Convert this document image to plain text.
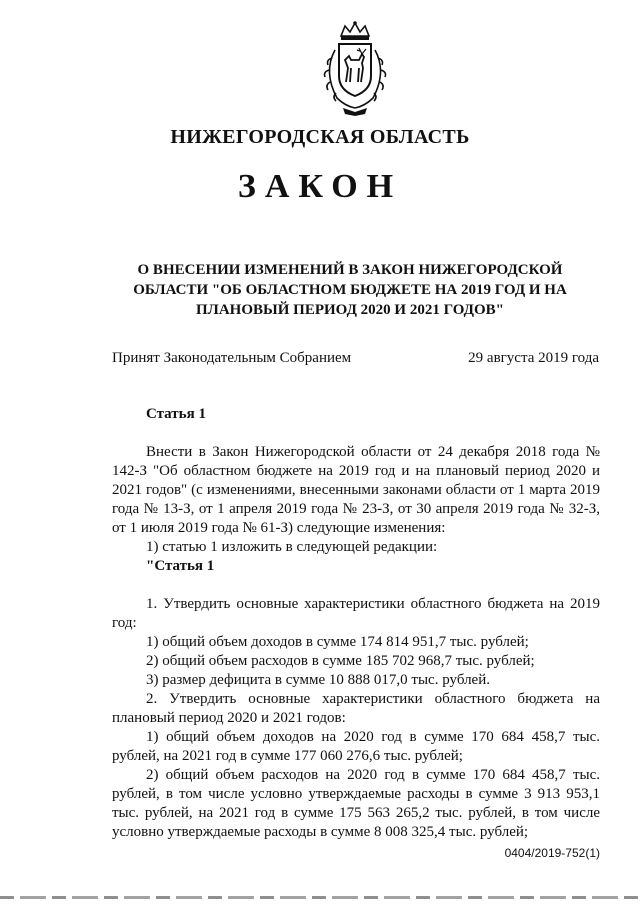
НИЖЕГОРОДСКАЯ ОБЛАСТЬ
ЗАКОН
О ВНЕСЕНИИ ИЗМЕНЕНИЙ В ЗАКОН НИЖЕГОРОДСКОЙ ОБЛАСТИ "ОБ ОБЛАСТНОМ БЮДЖЕТЕ НА 2019 ГОД И НА ПЛАНОВЫЙ ПЕРИОД 2020 И 2021 ГОДОВ"
Принят Законодательным Собранием	29 августа 2019 года

Статья 1

Внести в Закон Нижегородской области от 24 декабря 2018 года № 142-З "Об областном бюджете на 2019 год и на плановый период 2020 и 2021 годов" (с изменениями, внесенными законами области от 1 марта 2019 года № 13-З, от 1 апреля 2019 года № 23-З, от 30 апреля 2019 года № 32-З, от 1 июля 2019 года № 61-З) следующие изменения:

1) статью 1 изложить в следующей редакции:

"Статья 1

1. Утвердить основные характеристики областного бюджета на 2019 год:

1) общий объем доходов в сумме 174 814 951,7 тыс. рублей;

2) общий объем расходов в сумме 185 702 968,7 тыс. рублей;

3) размер дефицита в сумме 10 888 017,0 тыс. рублей.

2. Утвердить основные характеристики областного бюджета на плановый период 2020 и 2021 годов:

1) общий объем доходов на 2020 год в сумме 170 684 458,7 тыс. рублей, на 2021 год в сумме 177 060 276,6 тыс. рублей;

2) общий объем расходов на 2020 год в сумме 170 684 458,7 тыс. рублей, в том числе условно утверждаемые расходы в сумме 3 913 953,1 тыс. рублей, на 2021 год в сумме 175 563 265,2 тыс. рублей, в том числе условно утверждаемые расходы в сумме 8 008 325,4 тыс. рублей;

0404/2019-752(1)
